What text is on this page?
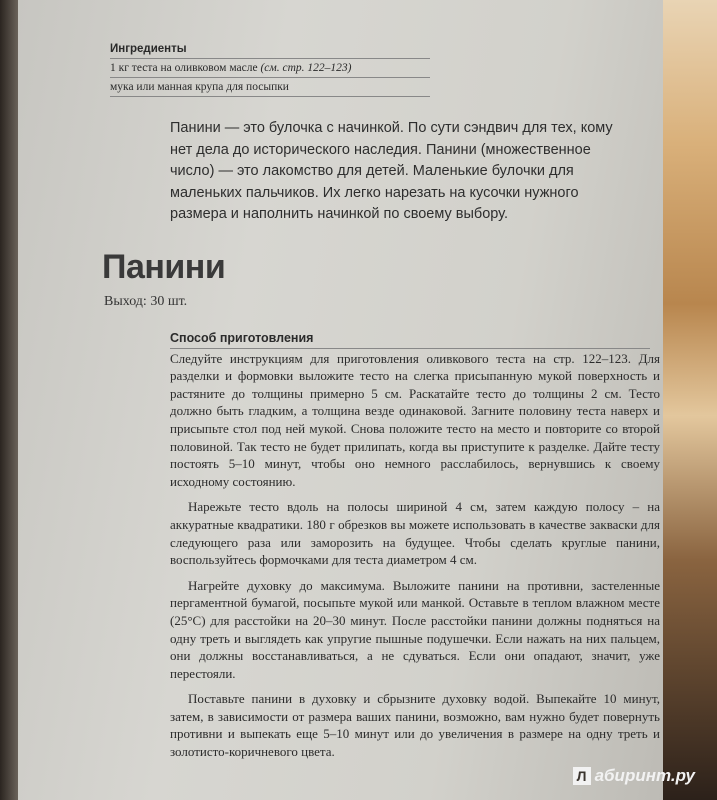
Ингредиенты
1 кг теста на оливковом масле (см. стр. 122–123)
мука или манная крупа для посыпки
Панини — это булочка с начинкой. По сути сэндвич для тех, кому нет дела до исторического наследия. Панини (множественное число) — это лакомство для детей. Маленькие булочки для маленьких пальчиков. Их легко нарезать на кусочки нужного размера и наполнить начинкой по своему выбору.
Панини
Выход: 30 шт.
Способ приготовления

Следуйте инструкциям для приготовления оливкового теста на стр. 122–123. Для разделки и формовки выложите тесто на слегка присыпанную мукой поверхность и растяните до толщины примерно 5 см. Раскатайте тесто до толщины 2 см. Тесто должно быть гладким, а толщина везде одинаковой. Загните половину теста наверх и присыпьте стол под ней мукой. Снова положите тесто на место и повторите со второй половиной. Так тесто не будет прилипать, когда вы приступите к разделке. Дайте тесту постоять 5–10 минут, чтобы оно немного расслабилось, вернувшись к своему исходному состоянию.

Нарежьте тесто вдоль на полосы шириной 4 см, затем каждую полосу – на аккуратные квадратики. 180 г обрезков вы можете использовать в качестве закваски для следующего раза или заморозить на будущее. Чтобы сделать круглые панини, воспользуйтесь формочками для теста диаметром 4 см.

Нагрейте духовку до максимума. Выложите панини на противни, застеленные пергаментной бумагой, посыпьте мукой или манкой. Оставьте в теплом влажном месте (25°C) для расстойки на 20–30 минут. После расстойки панини должны подняться на одну треть и выглядеть как упругие пышные подушечки. Если нажать на них пальцем, они должны восстанавливаться, а не сдуваться. Если они опадают, значит, уже перестояли.

Поставьте панини в духовку и сбрызните духовку водой. Выпекайте 10 минут, затем, в зависимости от размера ваших панини, возможно, вам нужно будет повернуть противни и выпекать еще 5–10 минут или до увеличения в размере на одну треть и золотисто-коричневого цвета.

Л абиринт.ру
